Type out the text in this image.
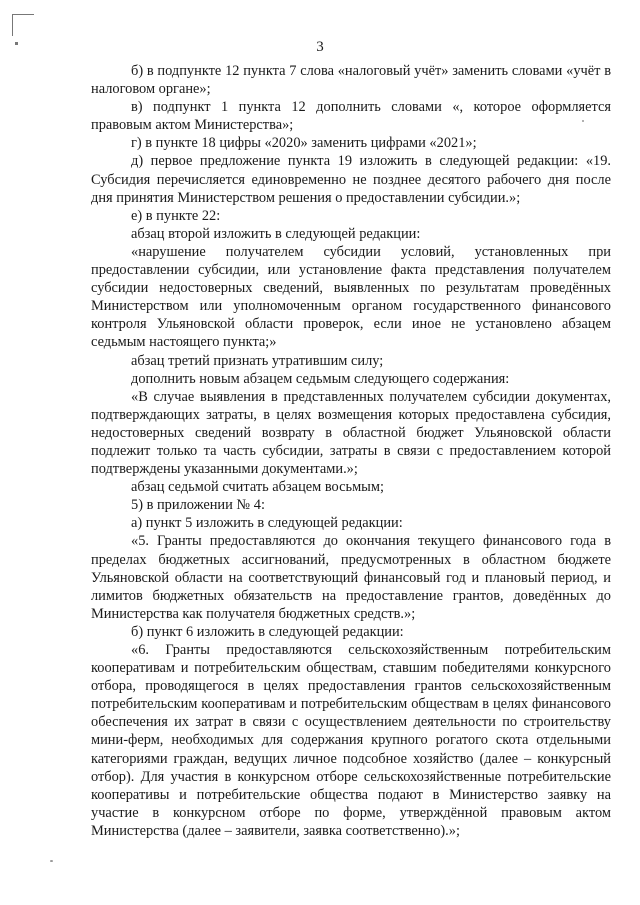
3

б) в подпункте 12 пункта 7 слова «налоговый учёт» заменить словами «учёт в налоговом органе»;

в) подпункт 1 пункта 12 дополнить словами «, которое оформляется правовым актом Министерства»;

г) в пункте 18 цифры «2020» заменить цифрами «2021»;

д) первое предложение пункта 19 изложить в следующей редакции: «19. Субсидия перечисляется единовременно не позднее десятого рабочего дня после дня принятия Министерством решения о предоставлении субсидии.»;

е) в пункте 22:

абзац второй изложить в следующей редакции:

«нарушение получателем субсидии условий, установленных при предоставлении субсидии, или установление факта представления получателем субсидии недостоверных сведений, выявленных по результатам проведённых Министерством или уполномоченным органом государственного финансового контроля Ульяновской области проверок, если иное не установлено абзацем седьмым настоящего пункта;»

абзац третий признать утратившим силу;

дополнить новым абзацем седьмым следующего содержания:

«В случае выявления в представленных получателем субсидии документах, подтверждающих затраты, в целях возмещения которых предоставлена субсидия, недостоверных сведений возврату в областной бюджет Ульяновской области подлежит только та часть субсидии, затраты в связи с предоставлением которой подтверждены указанными документами.»;

абзац седьмой считать абзацем восьмым;

5) в приложении № 4:

а) пункт 5 изложить в следующей редакции:

«5. Гранты предоставляются до окончания текущего финансового года в пределах бюджетных ассигнований, предусмотренных в областном бюджете Ульяновской области на соответствующий финансовый год и плановый период, и лимитов бюджетных обязательств на предоставление грантов, доведённых до Министерства как получателя бюджетных средств.»;

б) пункт 6 изложить в следующей редакции:

«6. Гранты предоставляются сельскохозяйственным потребительским кооперативам и потребительским обществам, ставшим победителями конкурсного отбора, проводящегося в целях предоставления грантов сельскохозяйственным потребительским кооперативам и потребительским обществам в целях финансового обеспечения их затрат в связи с осуществлением деятельности по строительству мини-ферм, необходимых для содержания крупного рогатого скота отдельными категориями граждан, ведущих личное подсобное хозяйство (далее – конкурсный отбор). Для участия в конкурсном отборе сельскохозяйственные потребительские кооперативы и потребительские общества подают в Министерство заявку на участие в конкурсном отборе по форме, утверждённой правовым актом Министерства (далее – заявители, заявка соответственно).»;
